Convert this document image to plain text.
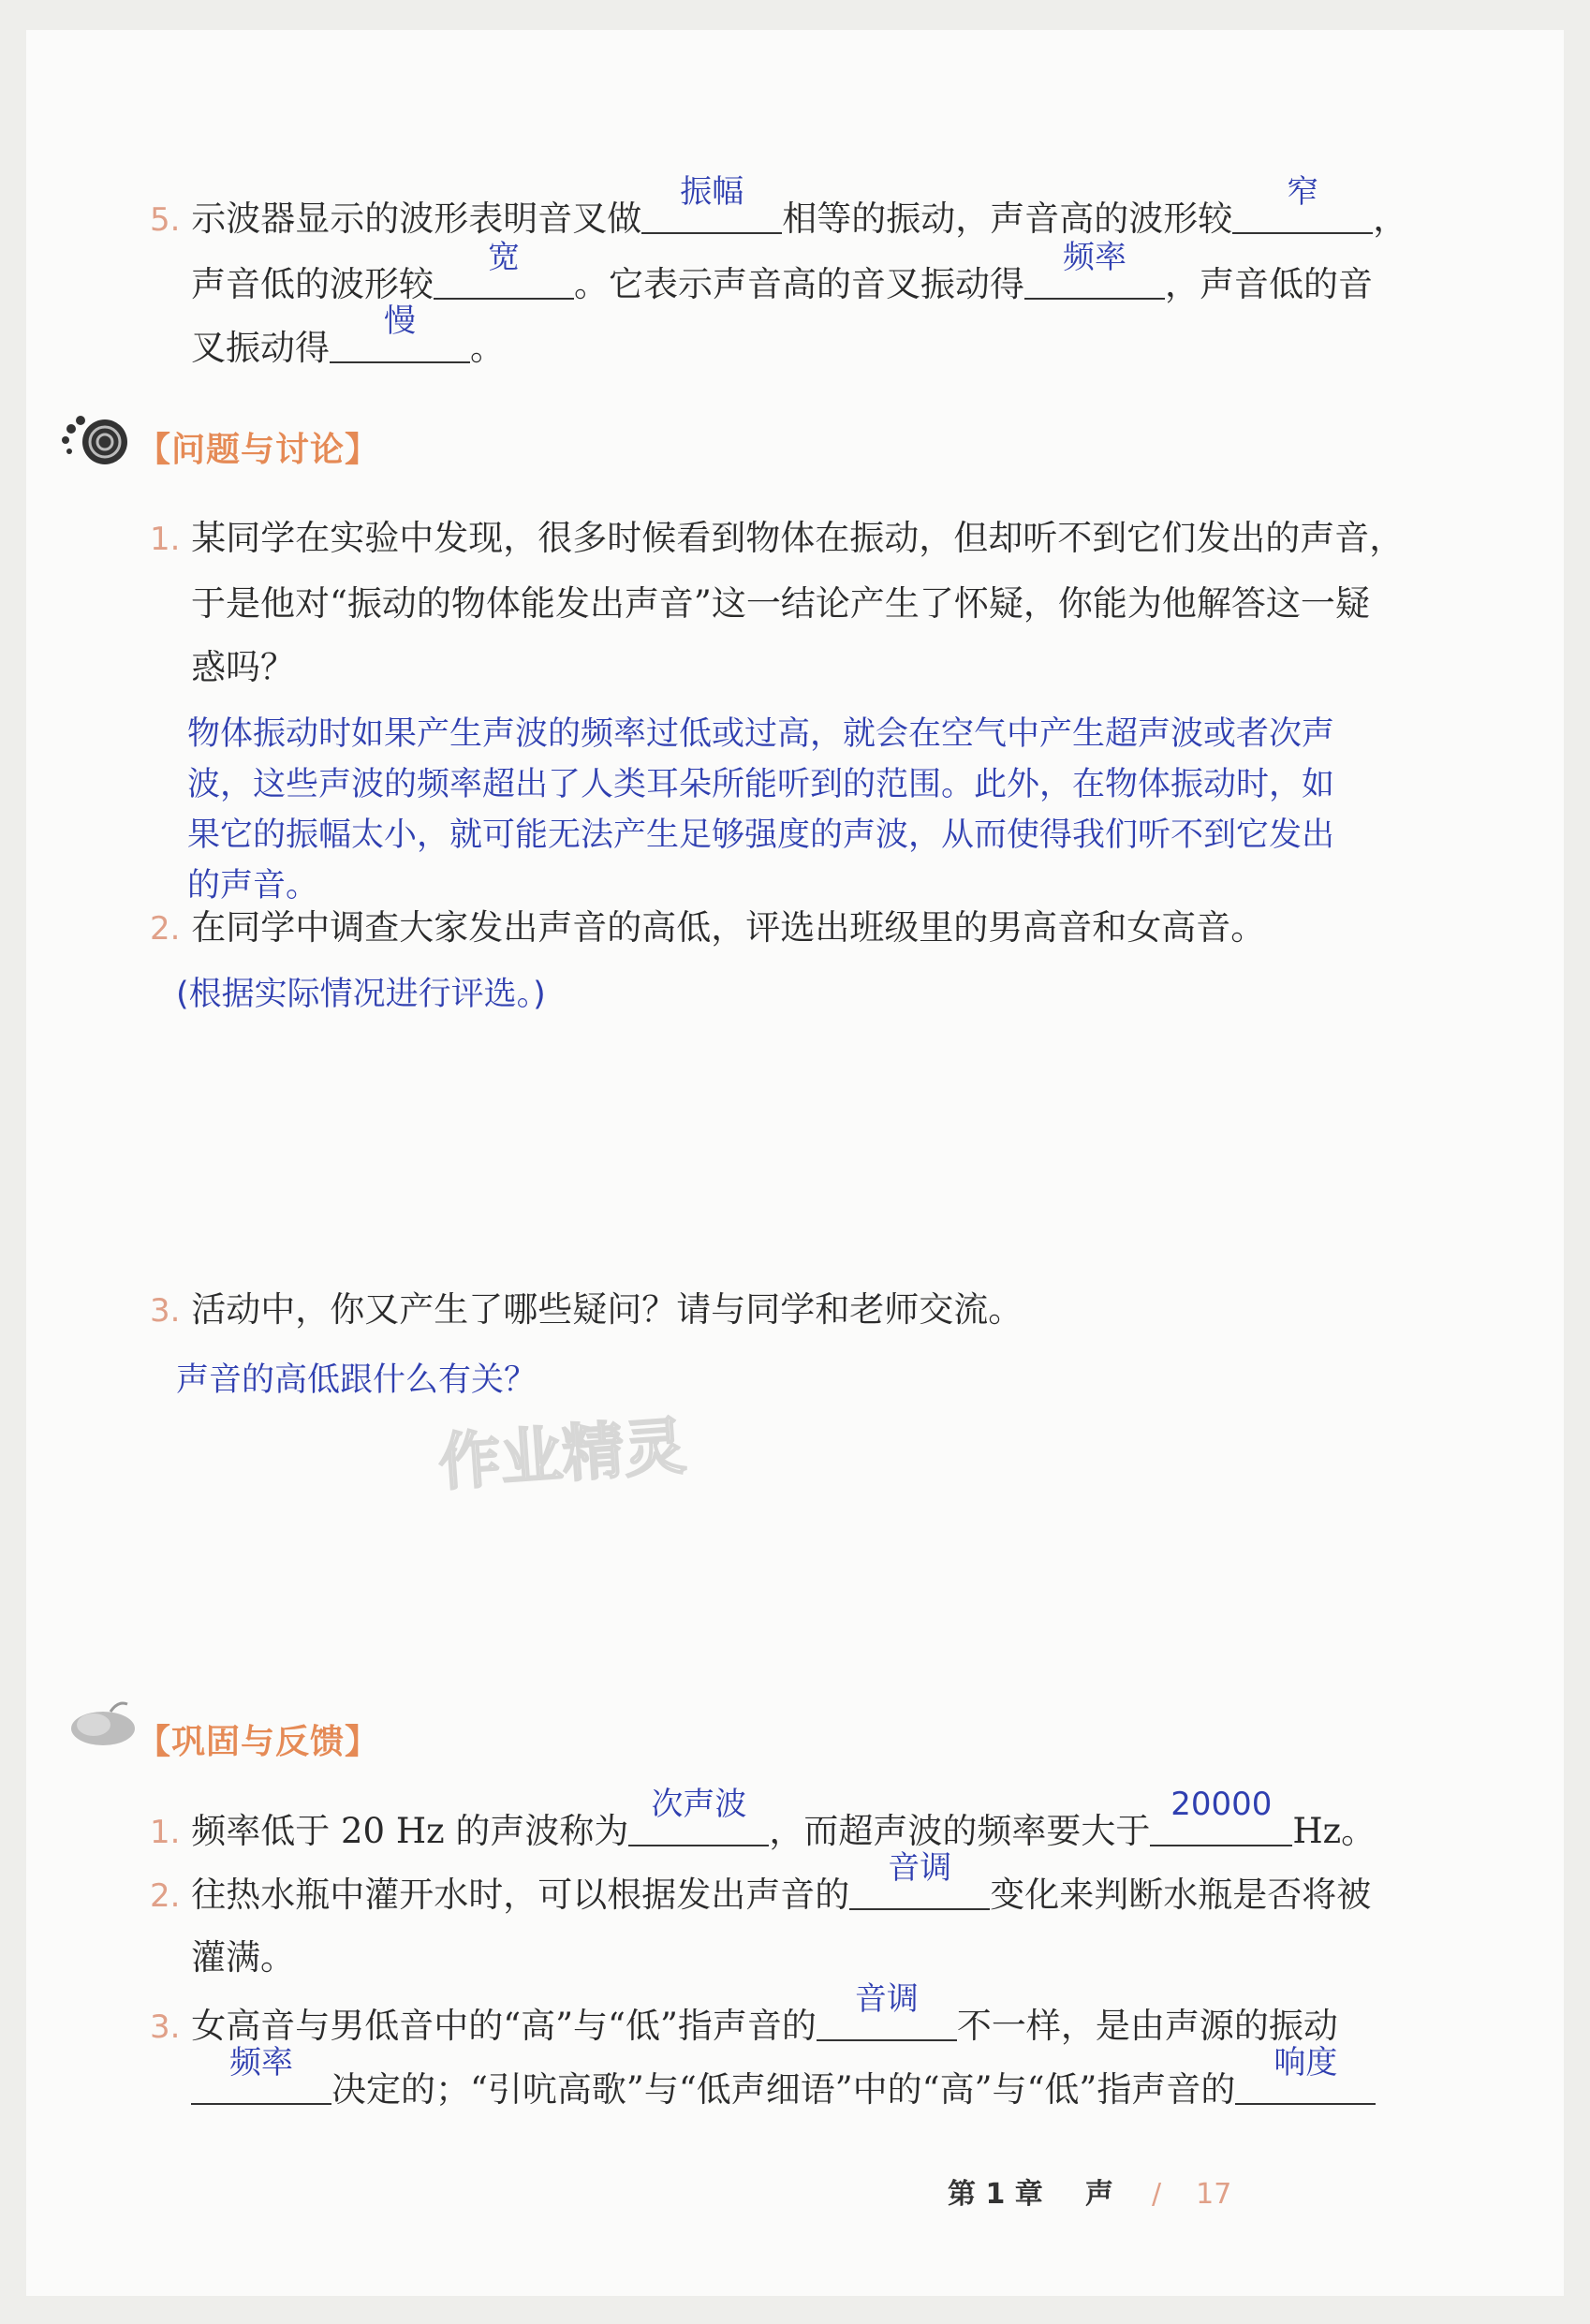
5. 示波器显示的波形表明音叉做
振幅
相等的振动，声音高的波形较
窄
，
声音低的波形较
宽
。它表示声音高的音叉振动得
频率
，声音低的音
叉振动得
慢
。
【问题与讨论】
1. 某同学在实验中发现，很多时候看到物体在振动，但却听不到它们发出的声音，
于是他对“振动的物体能发出声音”这一结论产生了怀疑，你能为他解答这一疑
惑吗？
物体振动时如果产生声波的频率过低或过高，就会在空气中产生超声波或者次声
波，这些声波的频率超出了人类耳朵所能听到的范围。此外，在物体振动时，如
果它的振幅太小，就可能无法产生足够强度的声波，从而使得我们听不到它发出
的声音。
2. 在同学中调查大家发出声音的高低，评选出班级里的男高音和女高音。
(根据实际情况进行评选。)
3. 活动中，你又产生了哪些疑问？请与同学和老师交流。
声音的高低跟什么有关？
作业精灵
【巩固与反馈】
1. 频率低于 20 Hz 的声波称为
次声波
，而超声波的频率要大于
20000
Hz。
2. 往热水瓶中灌开水时，可以根据发出声音的
音调
变化来判断水瓶是否将被
灌满。
3. 女高音与男低音中的“高”与“低”指声音的
音调
不一样，是由声源的振动
频率
决定的；“引吭高歌”与“低声细语”中的“高”与“低”指声音的
响度
第 1 章 声 / 17
